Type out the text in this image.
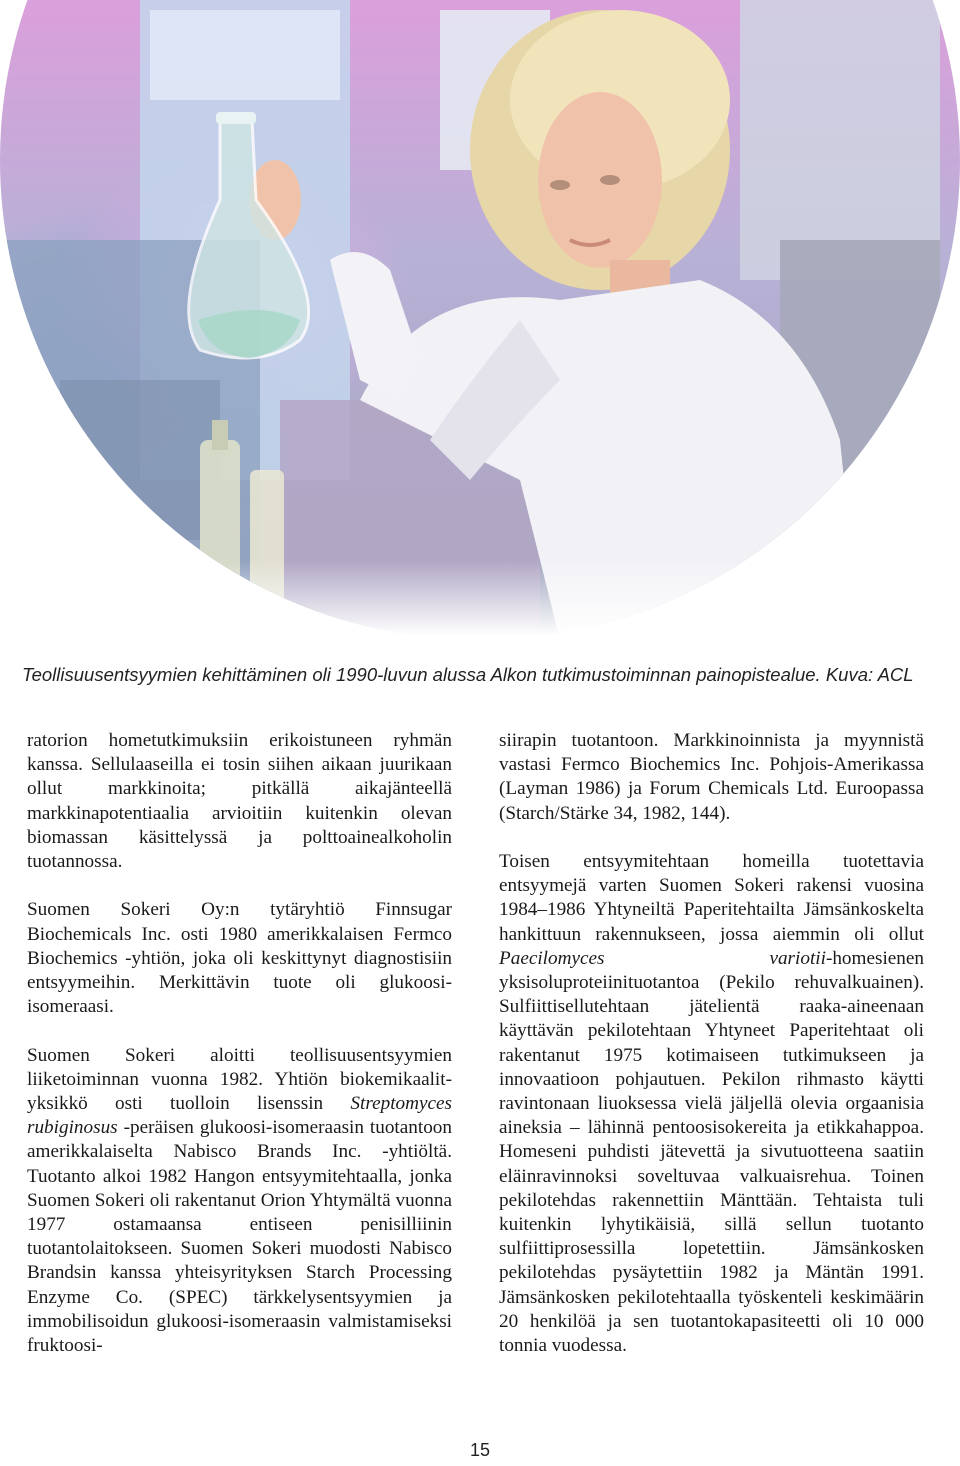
Teollisuusentsyymien kehittäminen oli 1990-luvun alussa Alkon tutkimustoiminnan painopistealue. Kuva: ACL

ratorion hometutkimuksiin erikoistuneen ryhmän kanssa. Sellulaaseilla ei tosin siihen aikaan juurikaan ollut markkinoita; pitkällä aikajänteellä markkinapotentiaalia arvioitiin kuitenkin olevan biomassan käsittelyssä ja polttoainealkoholin tuotannossa.

Suomen Sokeri Oy:n tytäryhtiö Finnsugar Biochemicals Inc. osti 1980 amerikkalaisen Fermco Biochemics -yhtiön, joka oli keskittynyt diagnostisiin entsyymeihin. Merkittävin tuote oli glukoosi-isomeraasi.

Suomen Sokeri aloitti teollisuusentsyymien liiketoiminnan vuonna 1982. Yhtiön biokemikaalit-yksikkö osti tuolloin lisenssin Streptomyces rubiginosus -peräisen glukoosi-isomeraasin tuotantoon amerikkalaiselta Nabisco Brands Inc. -yhtiöltä. Tuotanto alkoi 1982 Hangon entsyymitehtaalla, jonka Suomen Sokeri oli rakentanut Orion Yhtymältä vuonna 1977 ostamaansa entiseen penisilliinin tuotantolaitokseen. Suomen Sokeri muodosti Nabisco Brandsin kanssa yhteisyrityksen Starch Processing Enzyme Co. (SPEC) tärkkelysentsyymien ja immobilisoidun glukoosi-isomeraasin valmistamiseksi fruktoosi-

siirapin tuotantoon. Markkinoinnista ja myynnistä vastasi Fermco Biochemics Inc. Pohjois-Amerikassa (Layman 1986) ja Forum Chemicals Ltd. Euroopassa (Starch/Stärke 34, 1982, 144).

Toisen entsyymitehtaan homeilla tuotettavia entsyymejä varten Suomen Sokeri rakensi vuosina 1984–1986 Yhtyneiltä Paperitehtailta Jämsänkoskelta hankittuun rakennukseen, jossa aiemmin oli ollut Paecilomyces variotii-homesienen yksisoluproteiinituotantoa (Pekilo rehuvalkuainen). Sulfiittisellutehtaan jätelientä raaka-aineenaan käyttävän pekilotehtaan Yhtyneet Paperitehtaat oli rakentanut 1975 kotimaiseen tutkimukseen ja innovaatioon pohjautuen. Pekilon rihmasto käytti ravintonaan liuoksessa vielä jäljellä olevia orgaanisia aineksia – lähinnä pentoosisokereita ja etikkahappoa. Homeseni puhdisti jätevettä ja sivutuotteena saatiin eläinravinnoksi soveltuvaa valkuaisrehua. Toinen pekilotehdas rakennettiin Mänttään. Tehtaista tuli kuitenkin lyhytikäisiä, sillä sellun tuotanto sulfiittiprosessilla lopetettiin. Jämsänkosken pekilotehdas pysäytettiin 1982 ja Mäntän 1991. Jämsänkosken pekilotehtaalla työskenteli keskimäärin 20 henkilöä ja sen tuotantokapasiteetti oli 10 000 tonnia vuodessa.

15
